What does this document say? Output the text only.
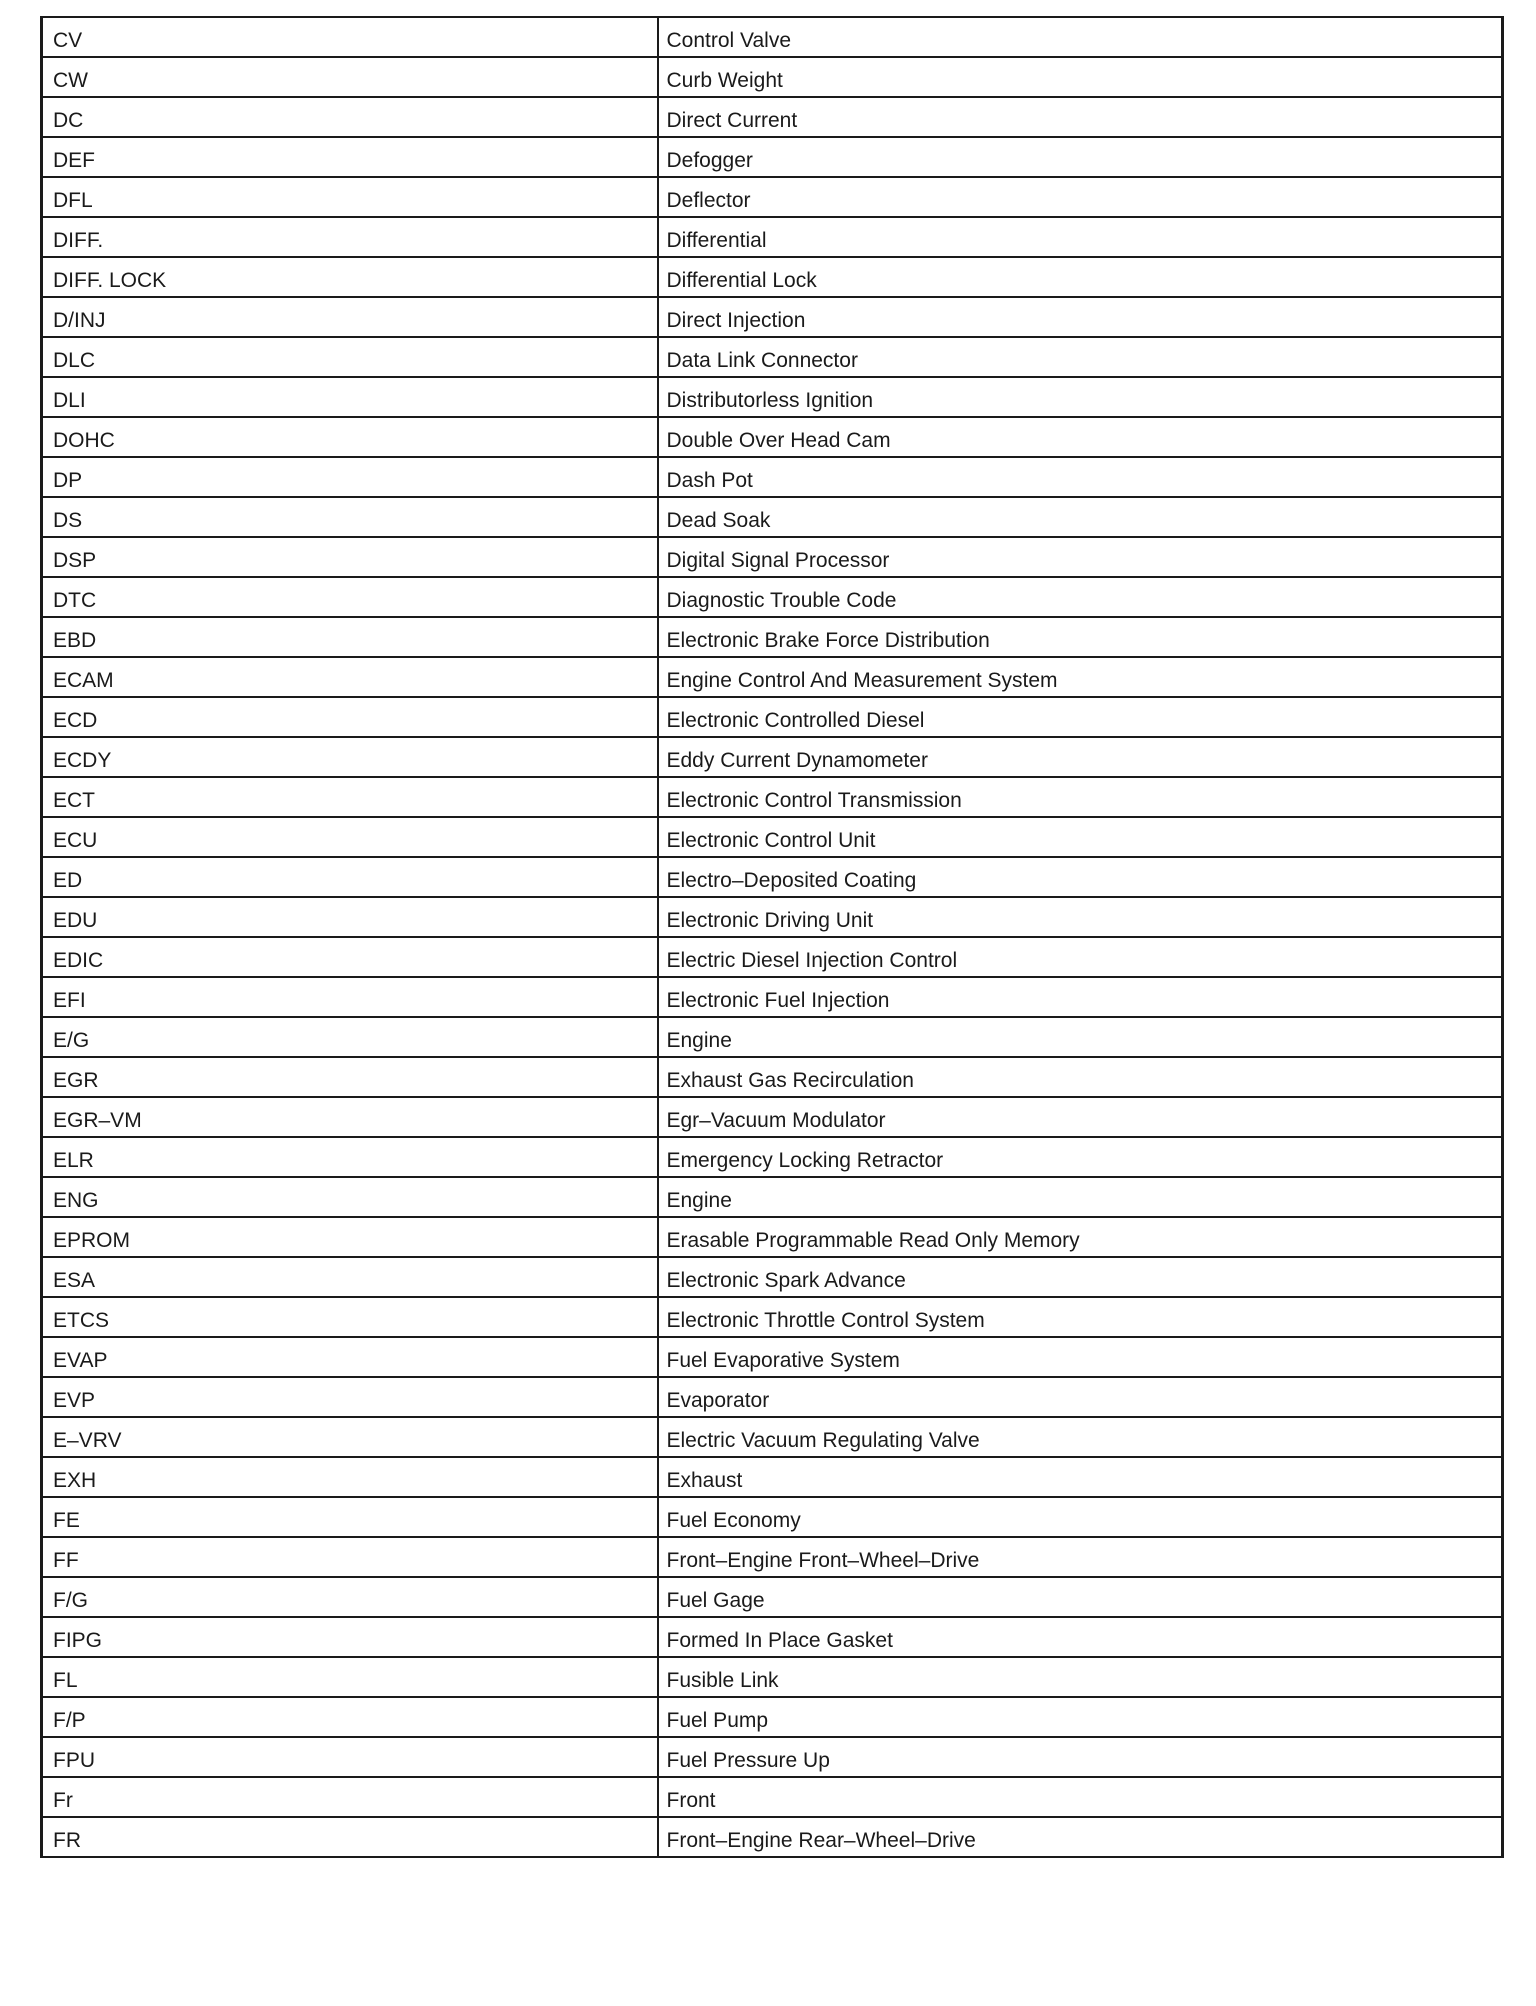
CV	Control Valve
CW	Curb Weight
DC	Direct Current
DEF	Defogger
DFL	Deflector
DIFF.	Differential
DIFF. LOCK	Differential Lock
D/INJ	Direct Injection
DLC	Data Link Connector
DLI	Distributorless Ignition
DOHC	Double Over Head Cam
DP	Dash Pot
DS	Dead Soak
DSP	Digital Signal Processor
DTC	Diagnostic Trouble Code
EBD	Electronic Brake Force Distribution
ECAM	Engine Control And Measurement System
ECD	Electronic Controlled Diesel
ECDY	Eddy Current Dynamometer
ECT	Electronic Control Transmission
ECU	Electronic Control Unit
ED	Electro–Deposited Coating
EDU	Electronic Driving Unit
EDIC	Electric Diesel Injection Control
EFI	Electronic Fuel Injection
E/G	Engine
EGR	Exhaust Gas Recirculation
EGR–VM	Egr–Vacuum Modulator
ELR	Emergency Locking Retractor
ENG	Engine
EPROM	Erasable Programmable Read Only Memory
ESA	Electronic Spark Advance
ETCS	Electronic Throttle Control System
EVAP	Fuel Evaporative System
EVP	Evaporator
E–VRV	Electric Vacuum Regulating Valve
EXH	Exhaust
FE	Fuel Economy
FF	Front–Engine Front–Wheel–Drive
F/G	Fuel Gage
FIPG	Formed In Place Gasket
FL	Fusible Link
F/P	Fuel Pump
FPU	Fuel Pressure Up
Fr	Front
FR	Front–Engine Rear–Wheel–Drive
